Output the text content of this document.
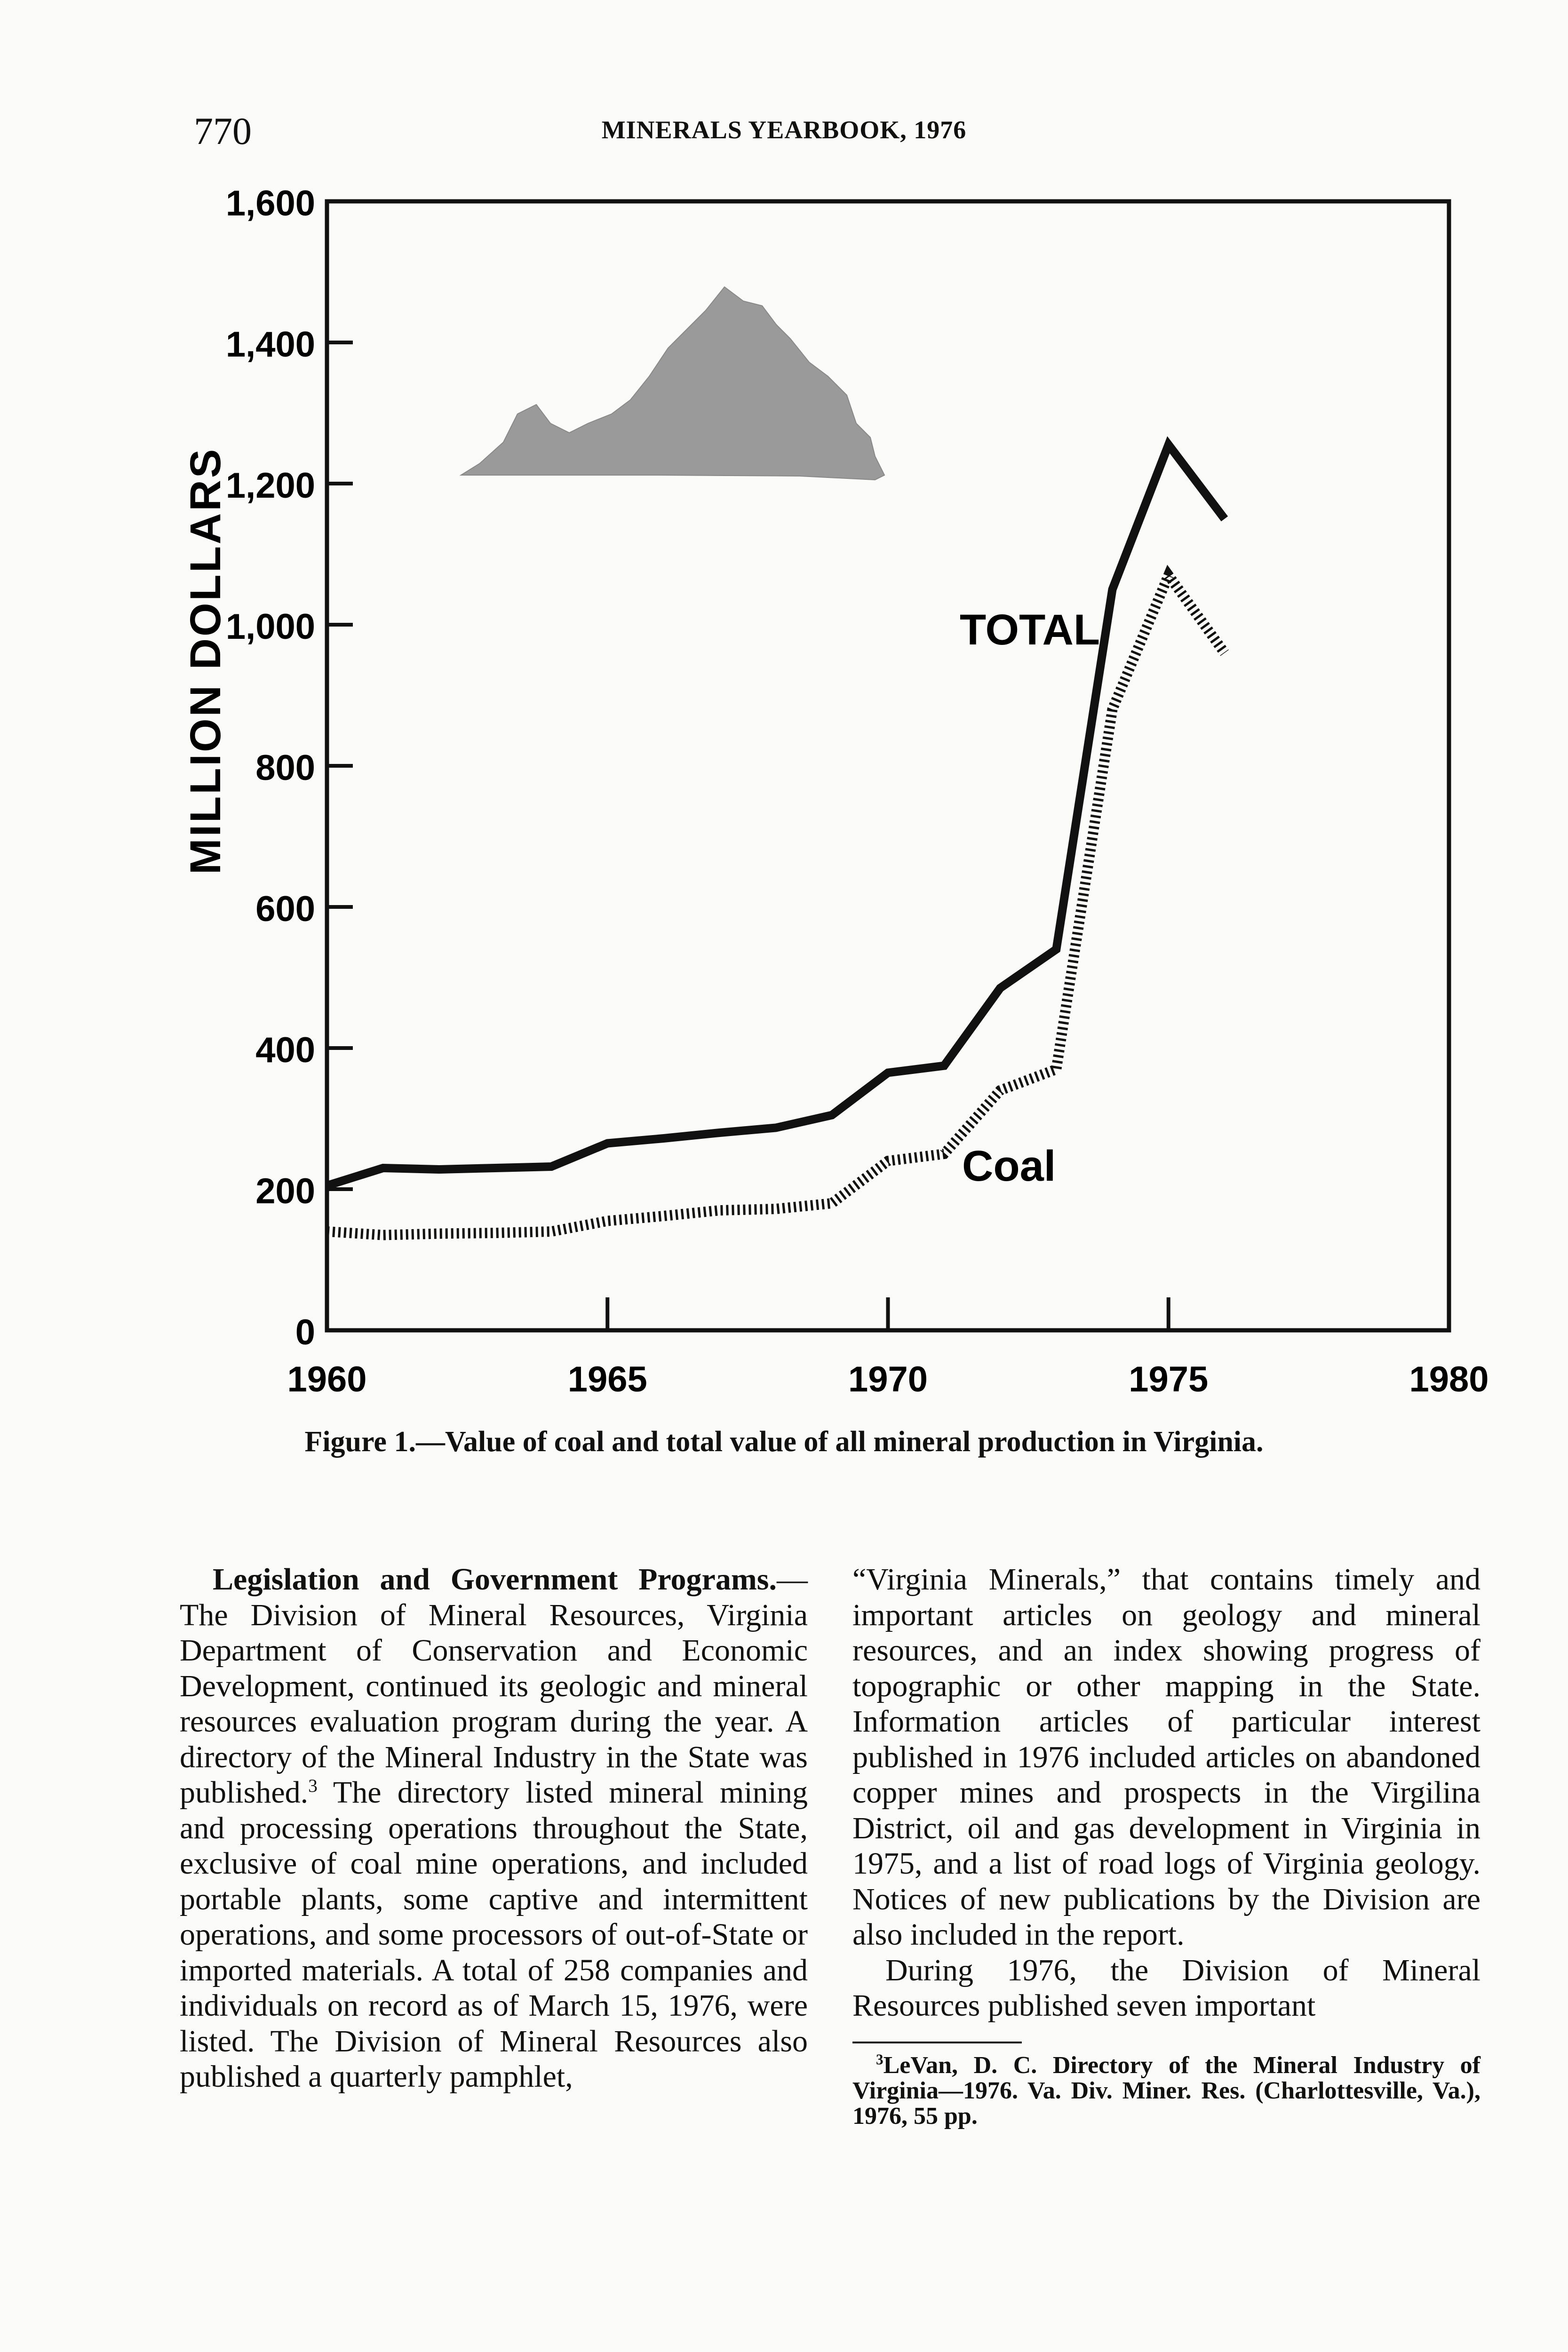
770	MINERALS YEARBOOK, 1976
0
200
400
600
800
1,000
1,200
1,400
1,600
1960	1965	1970	1975	1980
MILLION DOLLARS	TOTAL
Coal
Figure 1.—Value of coal and total value of all mineral production in Virginia.

Legislation and Government Programs.—The Division of Mineral Resources, Virginia Department of Conservation and Economic Development, continued its geologic and mineral resources evaluation program during the year. A directory of the Mineral Industry in the State was published.$^3$ The directory listed mineral mining and processing operations throughout the State, exclusive of coal mine operations, and included portable plants, some captive and intermittent operations, and some processors of out-of-State or imported materials. A total of 258 companies and individuals on record as of March 15, 1976, were listed. The Division of Mineral Resources also published a quarterly pamphlet,

“Virginia Minerals,” that contains timely and important articles on geology and mineral resources, and an index showing progress of topographic or other mapping in the State. Information articles of particular interest published in 1976 included articles on abandoned copper mines and prospects in the Virgilina District, oil and gas development in Virginia in 1975, and a list of road logs of Virginia geology. Notices of new publications by the Division are also included in the report.

During 1976, the Division of Mineral Resources published seven important

$^3$LeVan, D. C. Directory of the Mineral Industry of Virginia—1976. Va. Div. Miner. Res. (Charlottesville, Va.), 1976, 55 pp.
